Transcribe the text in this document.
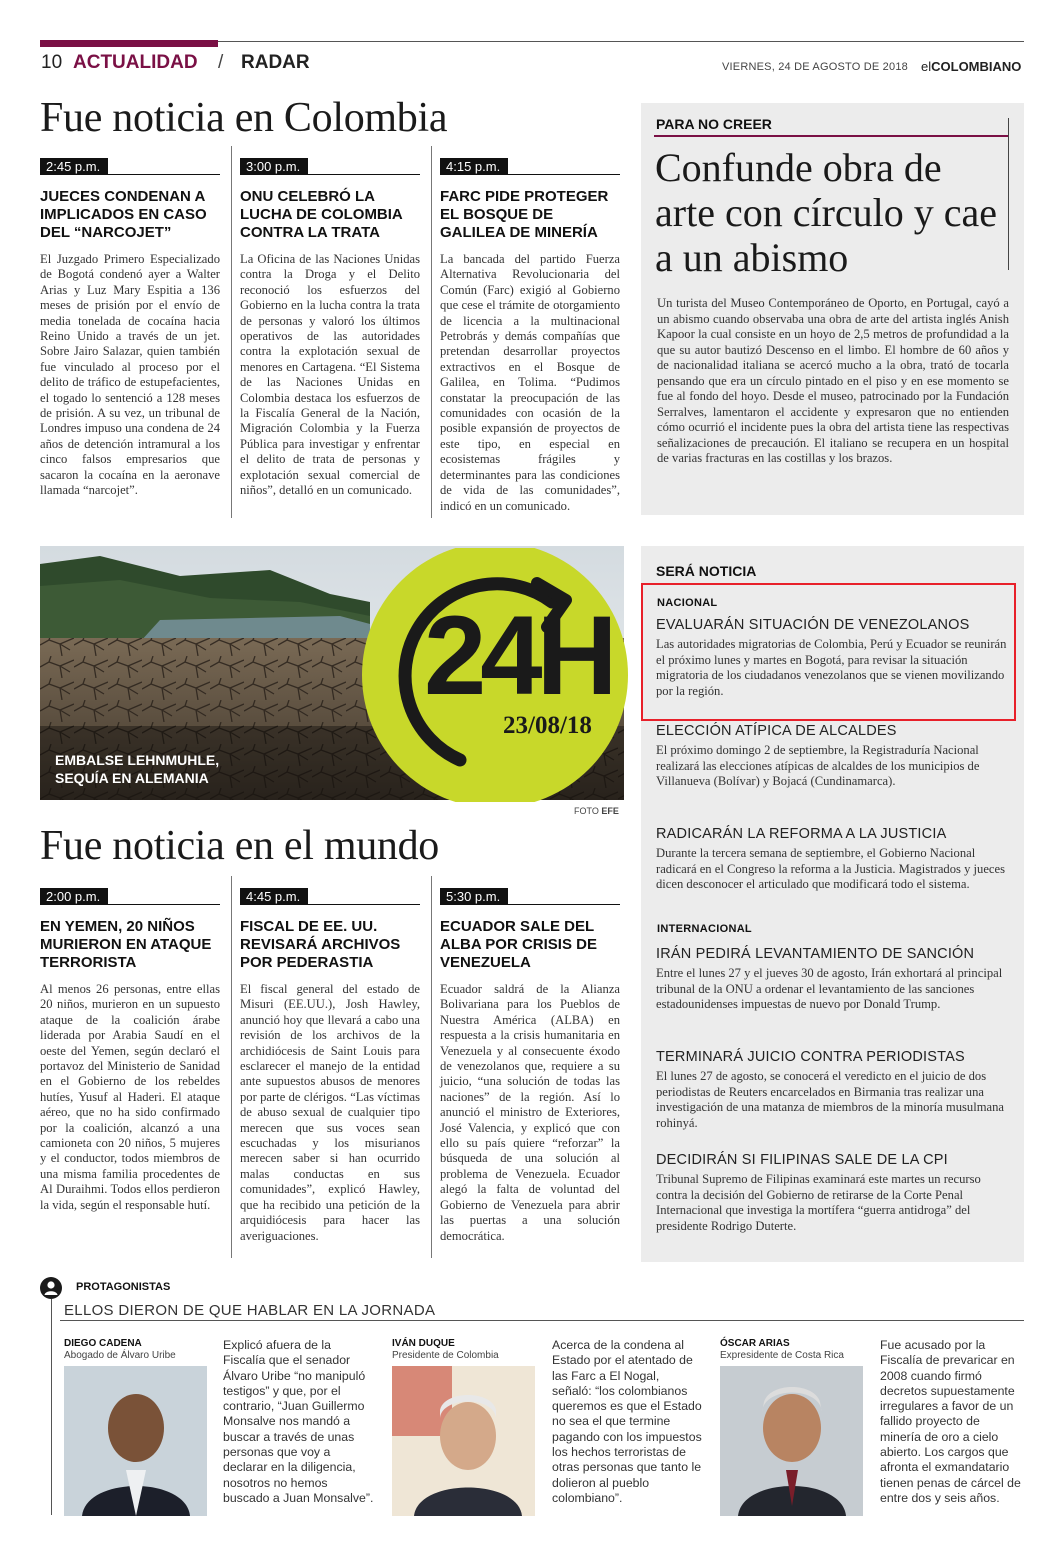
10 ACTUALIDAD / RADAR	VIERNES, 24 DE AGOSTO DE 2018 elCOLOMBIANO
Fue noticia en Colombia
2:45 p.m.
JUECES CONDENAN A IMPLICADOS EN CASO DEL “NARCOJET”
El Juzgado Primero Especializado de Bogotá condenó ayer a Walter Arias y Luz Mary Espitia a 136 meses de prisión por el envío de media tonelada de cocaína hacia Reino Unido a través de un jet. Sobre Jairo Salazar, quien también fue vinculado al proceso por el delito de tráfico de estupefacientes, el togado lo sentenció a 128 meses de prisión. A su vez, un tribunal de Londres impuso una condena de 24 años de detención intramural a los cinco falsos empresarios que sacaron la cocaína en la aeronave llamada “narcojet”.
3:00 p.m.
ONU CELEBRÓ LA LUCHA DE COLOMBIA CONTRA LA TRATA
La Oficina de las Naciones Unidas contra la Droga y el Delito reconoció los esfuerzos del Gobierno en la lucha contra la trata de personas y valoró los últimos operativos de las autoridades contra la explotación sexual de menores en Cartagena. “El Sistema de las Naciones Unidas en Colombia destaca los esfuerzos de la Fiscalía General de la Nación, Migración Colombia y la Fuerza Pública para investigar y enfrentar el delito de trata de personas y explotación sexual comercial de niños”, detalló en un comunicado.
4:15 p.m.
FARC PIDE PROTEGER EL BOSQUE DE GALILEA DE MINERÍA
La bancada del partido Fuerza Alternativa Revolucionaria del Común (Farc) exigió al Gobierno que cese el trámite de otorgamiento de licencia a la multinacional Petrobrás y demás compañías que pretendan desarrollar proyectos extractivos en el Bosque de Galilea, en Tolima. “Pudimos constatar la preocupación de las comunidades con ocasión de la posible expansión de proyectos de este tipo, en especial en ecosistemas frágiles y determinantes para las condiciones de vida de las comunidades”, indicó en un comunicado.
PARA NO CREER
Confunde obra de arte con círculo y cae a un abismo
Un turista del Museo Contemporáneo de Oporto, en Portugal, cayó a un abismo cuando observaba una obra de arte del artista inglés Anish Kapoor la cual consiste en un hoyo de 2,5 metros de profundidad a la que su autor bautizó Descenso en el limbo. El hombre de 60 años y de nacionalidad italiana se acercó mucho a la obra, trató de tocarla pensando que era un círculo pintado en el piso y en ese momento se fue al fondo del hoyo. Desde el museo, patrocinado por la Fundación Serralves, lamentaron el accidente y expresaron que no entienden cómo ocurrió el incidente pues la obra del artista tiene las respectivas señalizaciones de precaución. El italiano se recupera en un hospital de varias fracturas en las costillas y los brazos.
24H
23/08/18
EMBALSE LEHNMUHLE,
SEQUÍA EN ALEMANIA
FOTO EFE
SERÁ NOTICIA
NACIONAL
EVALUARÁN SITUACIÓN DE VENEZOLANOS
Las autoridades migratorias de Colombia, Perú y Ecuador se reunirán el próximo lunes y martes en Bogotá, para revisar la situación migratoria de los ciudadanos venezolanos que se vienen movilizando por la región.
ELECCIÓN ATÍPICA DE ALCALDES
El próximo domingo 2 de septiembre, la Registraduría Nacional realizará las elecciones atípicas de alcaldes de los municipios de Villanueva (Bolívar) y Bojacá (Cundinamarca).
RADICARÁN LA REFORMA A LA JUSTICIA
Durante la tercera semana de septiembre, el Gobierno Nacional radicará en el Congreso la reforma a la Justicia. Magistrados y jueces dicen desconocer el articulado que modificará todo el sistema.
INTERNACIONAL
IRÁN PEDIRÁ LEVANTAMIENTO DE SANCIÓN
Entre el lunes 27 y el jueves 30 de agosto, Irán exhortará al principal tribunal de la ONU a ordenar el levantamiento de las sanciones estadounidenses impuestas de nuevo por Donald Trump.
TERMINARÁ JUICIO CONTRA PERIODISTAS
El lunes 27 de agosto, se conocerá el veredicto en el juicio de dos periodistas de Reuters encarcelados en Birmania tras realizar una investigación de una matanza de miembros de la minoría musulmana rohinyá.
DECIDIRÁN SI FILIPINAS SALE DE LA CPI
Tribunal Supremo de Filipinas examinará este martes un recurso contra la decisión del Gobierno de retirarse de la Corte Penal Internacional que investiga la mortífera “guerra antidroga” del presidente Rodrigo Duterte.
Fue noticia en el mundo
2:00 p.m.
EN YEMEN, 20 NIÑOS MURIERON EN ATAQUE TERRORISTA
Al menos 26 personas, entre ellas 20 niños, murieron en un supuesto ataque de la coalición árabe liderada por Arabia Saudí en el oeste del Yemen, según declaró el portavoz del Ministerio de Sanidad en el Gobierno de los rebeldes hutíes, Yusuf al Haderi. El ataque aéreo, que no ha sido confirmado por la coalición, alcanzó a una camioneta con 20 niños, 5 mujeres y el conductor, todos miembros de una misma familia procedentes de Al Duraihmi. Todos ellos perdieron la vida, según el responsable hutí.
4:45 p.m.
FISCAL DE EE. UU. REVISARÁ ARCHIVOS POR PEDERASTIA
El fiscal general del estado de Misuri (EE.UU.), Josh Hawley, anunció hoy que llevará a cabo una revisión de los archivos de la archidiócesis de Saint Louis para esclarecer el manejo de la entidad ante supuestos abusos de menores por parte de clérigos. “Las víctimas de abuso sexual de cualquier tipo merecen que sus voces sean escuchadas y los misurianos merecen saber si han ocurrido malas conductas en sus comunidades”, explicó Hawley, que ha recibido una petición de la arquidiócesis para hacer las averiguaciones.
5:30 p.m.
ECUADOR SALE DEL ALBA POR CRISIS DE VENEZUELA
Ecuador saldrá de la Alianza Bolivariana para los Pueblos de Nuestra América (ALBA) en respuesta a la crisis humanitaria en Venezuela y al consecuente éxodo de venezolanos que, requiere a su juicio, “una solución de todas las naciones” de la región. Así lo anunció el ministro de Exteriores, José Valencia, y explicó que con ello su país quiere “reforzar” la búsqueda de una solución al problema de Venezuela. Ecuador alegó la falta de voluntad del Gobierno de Venezuela para abrir las puertas a una solución democrática.
PROTAGONISTAS
ELLOS DIERON DE QUE HABLAR EN LA JORNADA
DIEGO CADENA
Abogado de Álvaro Uribe
Explicó afuera de la Fiscalía que el senador Álvaro Uribe “no manipuló testigos” y que, por el contrario, “Juan Guillermo Monsalve nos mandó a buscar a través de unas personas que voy a declarar en la diligencia, nosotros no hemos buscado a Juan Monsalve”.
IVÁN DUQUE
Presidente de Colombia
Acerca de la condena al Estado por el atentado de las Farc a El Nogal, señaló: “los colombianos queremos es que el Estado no sea el que termine pagando con los impuestos los hechos terroristas de otras personas que tanto le dolieron al pueblo colombiano”.
ÓSCAR ARIAS
Expresidente de Costa Rica
Fue acusado por la Fiscalía de prevaricar en 2008 cuando firmó decretos supuestamente irregulares a favor de un fallido proyecto de minería de oro a cielo abierto. Los cargos que afronta el exmandatario tienen penas de cárcel de entre dos y seis años.
